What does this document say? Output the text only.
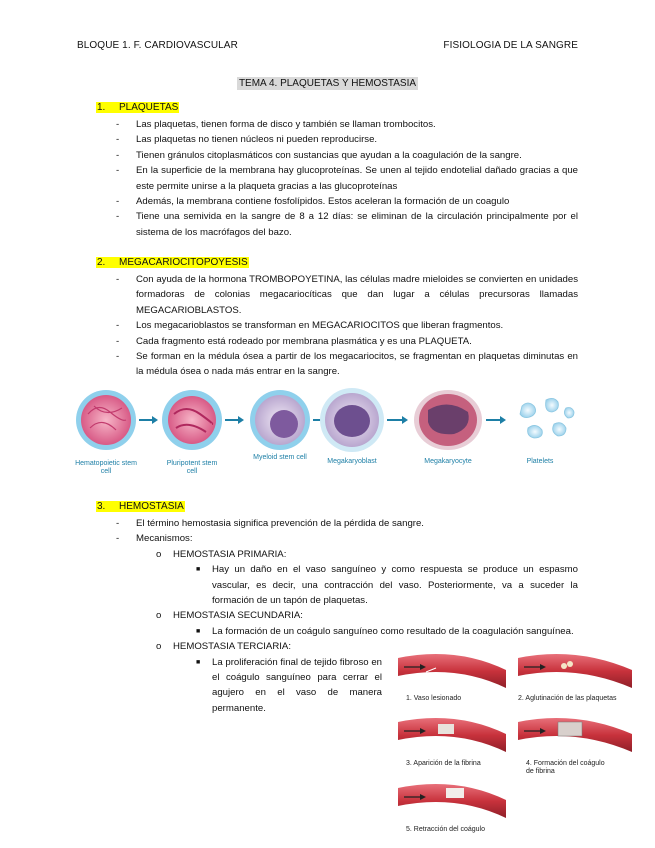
BLOQUE 1. F. CARDIOVASCULAR	FISIOLOGIA DE LA SANGRE
TEMA 4. PLAQUETAS Y HEMOSTASIA
1. PLAQUETAS
- Las plaquetas, tienen forma de disco y también se llaman trombocitos.
- Las plaquetas no tienen núcleos ni pueden reproducirse.
- Tienen gránulos citoplasmáticos con sustancias que ayudan a la coagulación de la sangre.
- En la superficie de la membrana hay glucoproteínas. Se unen al tejido endotelial dañado gracias a que este permite unirse a la plaqueta gracias a las glucoproteínas
- Además, la membrana contiene fosfolípidos. Estos aceleran la formación de un coagulo
- Tiene una semivida en la sangre de 8 a 12 días: se eliminan de la circulación principalmente por el sistema de los macrófagos del bazo.
2. MEGACARIOCITOPOYESIS
- Con ayuda de la hormona TROMBOPOYETINA, las células madre mieloides se convierten en unidades formadoras de colonias megacariocíticas que dan lugar a células precursoras llamadas MEGACARIOBLASTOS.
- Los megacarioblastos se transforman en MEGACARIOCITOS que liberan fragmentos.
- Cada fragmento está rodeado por membrana plasmática y es una PLAQUETA.
- Se forman en la médula ósea a partir de los megacariocitos, se fragmentan en plaquetas diminutas en la médula ósea o nada más entrar en la sangre.
Hematopoietic stem cell
Pluripotent stem cell
Myeloid stem cell
Megakaryoblast	Megakaryocyte	Platelets
3. HEMOSTASIA
- El término hemostasia significa prevención de la pérdida de sangre.
- Mecanismos:
o HEMOSTASIA PRIMARIA:
■ Hay un daño en el vaso sanguíneo y como respuesta se produce un espasmo vascular, es decir, una contracción del vaso. Posteriormente, va a suceder la formación de un tapón de plaquetas.
o HEMOSTASIA SECUNDARIA:
■ La formación de un coágulo sanguíneo como resultado de la coagulación sanguínea.
o HEMOSTASIA TERCIARIA:
■ La proliferación final de tejido fibroso en el coágulo sanguíneo para cerrar el agujero en el vaso de manera permanente.
1. Vaso lesionado	2. Aglutinación de las plaquetas
3. Aparición de la fibrina	4. Formación del coágulo de fibrina
5. Retracción del coágulo
